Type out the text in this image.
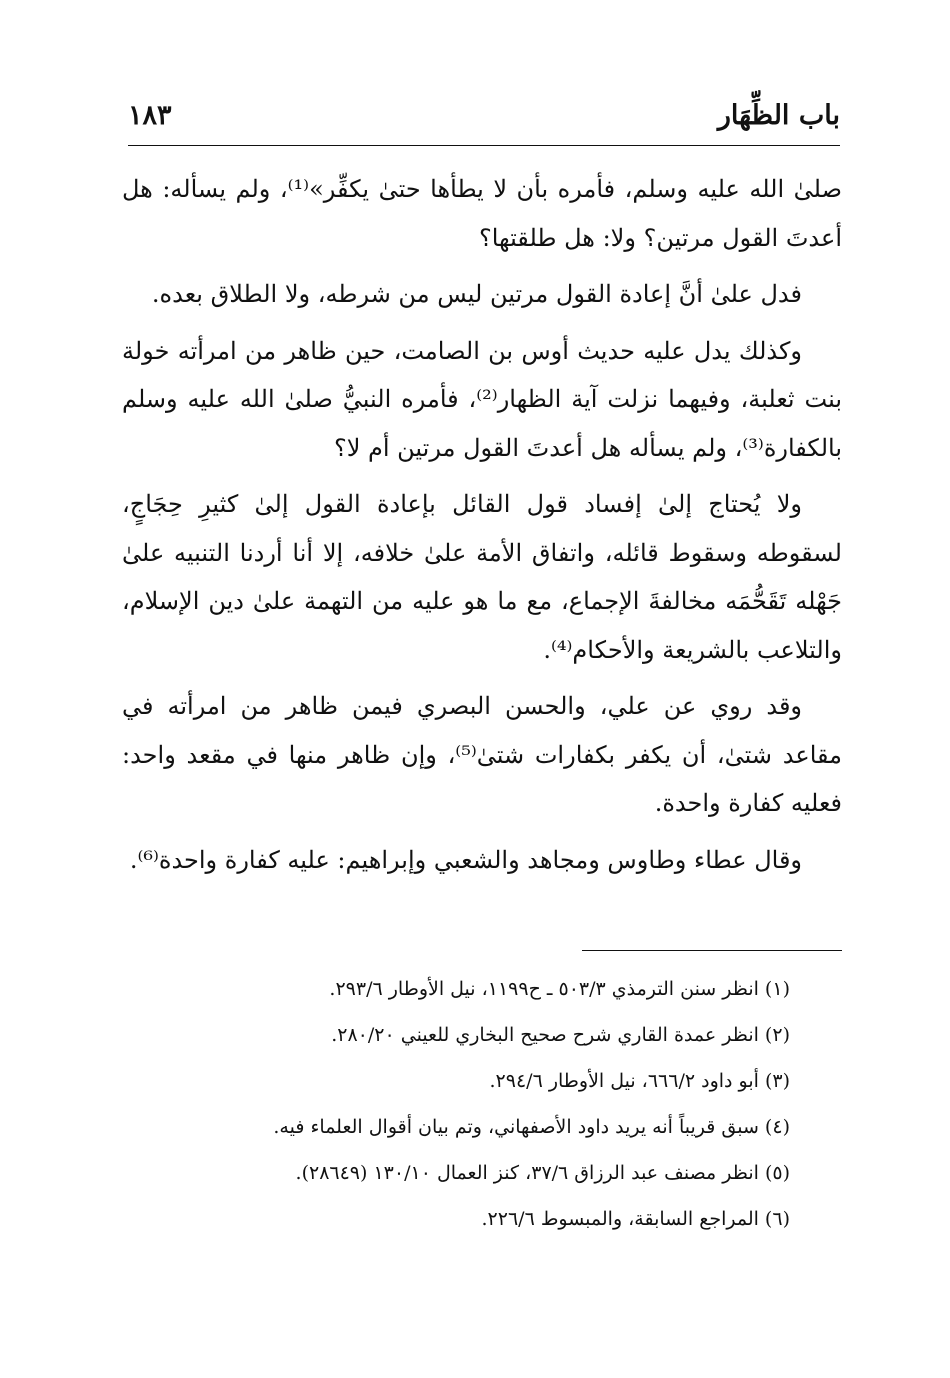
باب الظِّهَار
١٨٣

صلىٰ الله عليه وسلم، فأمره بأن لا يطأها حتىٰ يكفِّر»⁽¹⁾، ولم يسأله: هل أعدتَ القول مرتين؟ ولا: هل طلقتها؟

فدل علىٰ أنَّ إعادة القول مرتين ليس من شرطه، ولا الطلاق بعده.

وكذلك يدل عليه حديث أوس بن الصامت، حين ظاهر من امرأته خولة بنت ثعلبة، وفيهما نزلت آية الظهار⁽²⁾، فأمره النبيُّ صلىٰ الله عليه وسلم بالكفارة⁽³⁾، ولم يسأله هل أعدتَ القول مرتين أم لا؟

ولا يُحتاج إلىٰ إفساد قول القائل بإعادة القول إلىٰ كثيرِ حِجَاجٍ، لسقوطه وسقوط قائله، واتفاق الأمة علىٰ خلافه، إلا أنا أردنا التنبيه علىٰ جَهْله تَقَحُّمَه مخالفةَ الإجماع، مع ما هو عليه من التهمة علىٰ دين الإسلام، والتلاعب بالشريعة والأحكام⁽⁴⁾.

وقد روي عن علي، والحسن البصري فيمن ظاهر من امرأته في مقاعد شتىٰ، أن يكفر بكفارات شتىٰ⁽⁵⁾، وإن ظاهر منها في مقعد واحد: فعليه كفارة واحدة.

وقال عطاء وطاوس ومجاهد والشعبي وإبراهيم: عليه كفارة واحدة⁽⁶⁾.

(١) انظر سنن الترمذي ٥٠٣/٣ ـ ح١١٩٩، نيل الأوطار ٢٩٣/٦.

(٢) انظر عمدة القاري شرح صحيح البخاري للعيني ٢٨٠/٢٠.

(٣) أبو داود ٦٦٦/٢، نيل الأوطار ٢٩٤/٦.

(٤) سبق قريباً أنه يريد داود الأصفهاني، وتم بيان أقوال العلماء فيه.

(٥) انظر مصنف عبد الرزاق ٣٧/٦، كنز العمال ١٣٠/١٠ (٢٨٦٤٩).

(٦) المراجع السابقة، والمبسوط ٢٢٦/٦.
